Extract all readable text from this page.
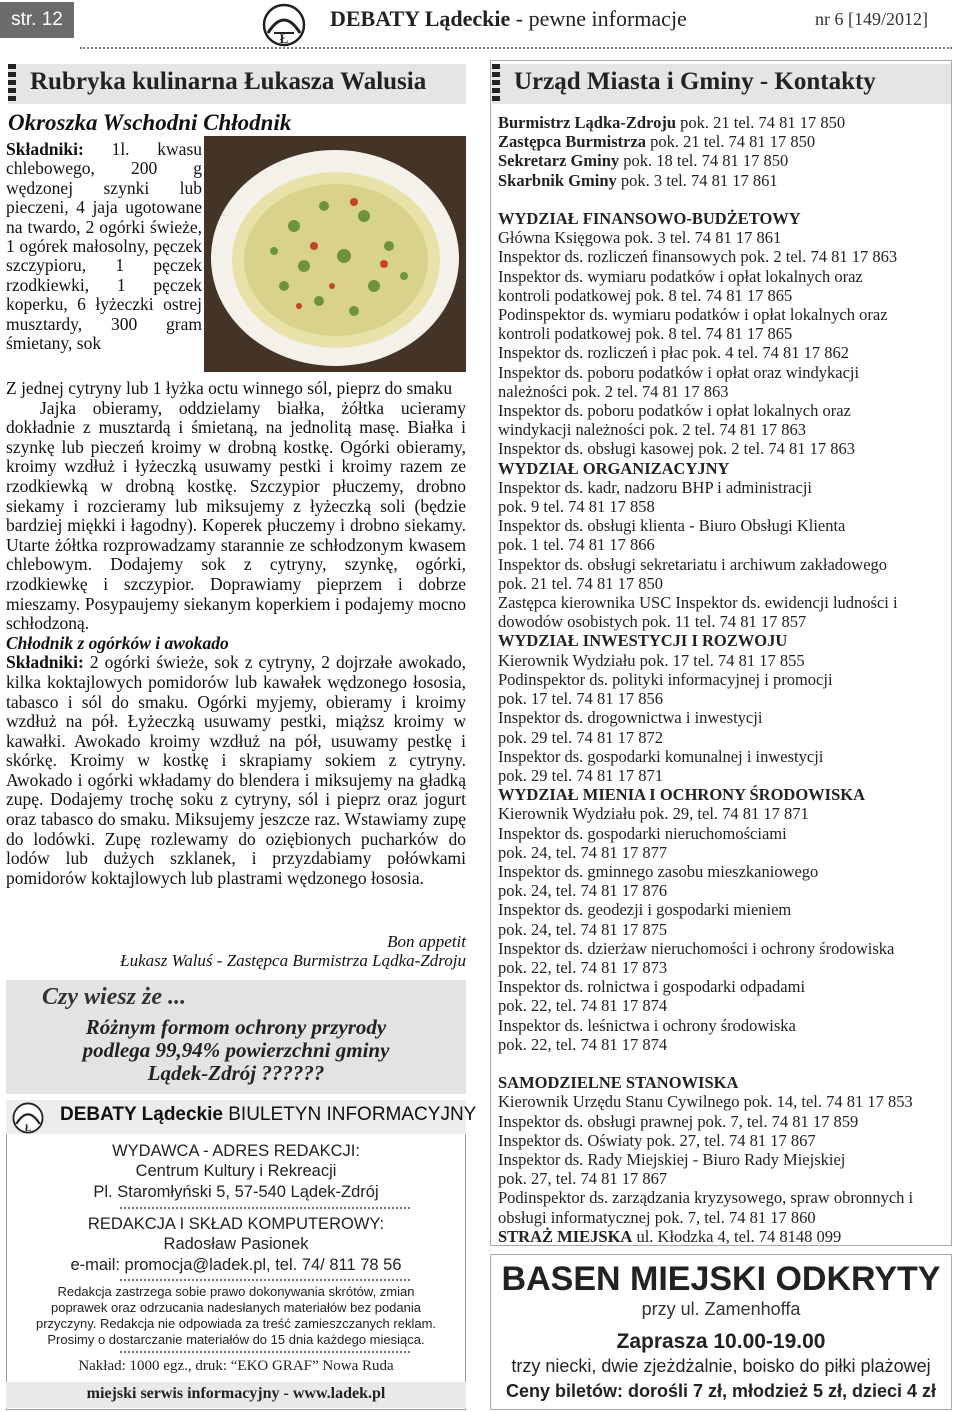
str. 12
Ł
DEBATY Lądeckie - pewne informacje	nr 6 [149/2012]
Rubryka kulinarna Łukasza Walusia
Okroszka Wschodni Chłodnik
Składniki: 1l. kwasu chlebowego, 200 g wędzonej szynki lub pieczeni, 4 jaja ugotowane na twardo, 2 ogórki świeże, 1 ogórek małosolny, pęczek szczypioru, 1 pęczek rzodkiewki, 1 pęczek koperku, 6 łyżeczki ostrej musztardy, 300 gram śmietany, sok

Z jednej cytryny lub 1 łyżka octu winnego sól, pieprz do smaku

Jajka obieramy, oddzielamy białka, żółtka ucieramy dokładnie z musztardą i śmietaną, na jednolitą masę. Białka i szynkę lub pieczeń kroimy w drobną kostkę. Ogórki obieramy, kroimy wzdłuż i łyżeczką usuwamy pestki i kroimy razem ze rzodkiewką w drobną kostkę. Szczypior płuczemy, drobno siekamy i rozcieramy lub miksujemy z łyżeczką soli (będzie bardziej miękki i łagodny). Koperek płuczemy i drobno siekamy. Utarte żółtka rozprowadzamy starannie ze schłodzonym kwasem chlebowym. Dodajemy sok z cytryny, szynkę, ogórki, rzodkiewkę i szczypior. Doprawiamy pieprzem i dobrze mieszamy. Posypaujemy siekanym koperkiem i podajemy mocno schłodzoną.

Chłodnik z ogórków i awokado

Składniki: 2 ogórki świeże, sok z cytryny, 2 dojrzałe awokado, kilka koktajlowych pomidorów lub kawałek wędzonego łososia, tabasco i sól do smaku. Ogórki myjemy, obieramy i kroimy wzdłuż na pół. Łyżeczką usuwamy pestki, miąższ kroimy w kawałki. Awokado kroimy wzdłuż na pół, usuwamy pestkę i skórkę. Kroimy w kostkę i skrapiamy sokiem z cytryny. Awokado i ogórki wkładamy do blendera i miksujemy na gładką zupę. Dodajemy trochę soku z cytryny, sól i pieprz oraz jogurt oraz tabasco do smaku. Miksujemy jeszcze raz. Wstawiamy zupę do lodówki. Zupę rozlewamy do oziębionych pucharków do lodów lub dużych szklanek, i przyzdabiamy połówkami pomidorów koktajlowych lub plastrami wędzonego łososia.

Bon appetit
Łukasz Waluś - Zastępca Burmistrza Lądka-Zdroju
Czy wiesz że ...
Różnym formom ochrony przyrody podlega 99,94% powierzchni gminy Lądek-Zdrój ??????
Ł
DEBATY Lądeckie BIULETYN INFORMACYJNY
WYDAWCA - ADRES REDAKCJI:
Centrum Kultury i Rekreacji
Pl. Staromłyński 5, 57-540 Lądek-Zdrój
REDAKCJA I SKŁAD KOMPUTEROWY:
Radosław Pasionek
e-mail: promocja@ladek.pl, tel. 74/ 811 78 56
Redakcja zastrzega sobie prawo dokonywania skrótów, zmian
poprawek oraz odrzucania nadesłanych materiałów bez podania
przyczyny. Redakcja nie odpowiada za treść zamieszczanych reklam.
Prosimy o dostarczanie materiałów do 15 dnia każdego miesiąca.
Nakład: 1000 egz., druk: “EKO GRAF” Nowa Ruda
miejski serwis informacyjny - www.ladek.pl
Urząd Miasta i Gminy - Kontakty
Burmistrz Lądka-Zdroju pok. 21 tel. 74 81 17 850
Zastępca Burmistrza pok. 21 tel. 74 81 17 850
Sekretarz Gminy pok. 18 tel. 74 81 17 850
Skarbnik Gminy pok. 3 tel. 74 81 17 861

WYDZIAŁ FINANSOWO-BUDŻETOWY
Główna Księgowa pok. 3 tel. 74 81 17 861
Inspektor ds. rozliczeń finansowych pok. 2 tel. 74 81 17 863
Inspektor ds. wymiaru podatków i opłat lokalnych oraz
kontroli podatkowej pok. 8 tel. 74 81 17 865
Podinspektor ds. wymiaru podatków i opłat lokalnych oraz
kontroli podatkowej pok. 8 tel. 74 81 17 865
Inspektor ds. rozliczeń i płac pok. 4 tel. 74 81 17 862
Inspektor ds. poboru podatków i opłat oraz windykacji
należności pok. 2 tel. 74 81 17 863
Inspektor ds. poboru podatków i opłat lokalnych oraz
windykacji należności pok. 2 tel. 74 81 17 863
Inspektor ds. obsługi kasowej pok. 2 tel. 74 81 17 863
WYDZIAŁ ORGANIZACYJNY
Inspektor ds. kadr, nadzoru BHP i administracji
pok. 9 tel. 74 81 17 858
Inspektor ds. obsługi klienta - Biuro Obsługi Klienta
pok. 1 tel. 74 81 17 866
Inspektor ds. obsługi sekretariatu i archiwum zakładowego
pok. 21 tel. 74 81 17 850
Zastępca kierownika USC Inspektor ds. ewidencji ludności i
dowodów osobistych pok. 11 tel. 74 81 17 857
WYDZIAŁ INWESTYCJI I ROZWOJU
Kierownik Wydziału pok. 17 tel. 74 81 17 855
Podinspektor ds. polityki informacyjnej i promocji
pok. 17 tel. 74 81 17 856
Inspektor ds. drogownictwa i inwestycji
pok. 29 tel. 74 81 17 872
Inspektor ds. gospodarki komunalnej i inwestycji
pok. 29 tel. 74 81 17 871
WYDZIAŁ MIENIA I OCHRONY ŚRODOWISKA
Kierownik Wydziału pok. 29, tel. 74 81 17 871
Inspektor ds. gospodarki nieruchomościami
pok. 24, tel. 74 81 17 877
Inspektor ds. gminnego zasobu mieszkaniowego
pok. 24, tel. 74 81 17 876
Inspektor ds. geodezji i gospodarki mieniem
pok. 24, tel. 74 81 17 875
Inspektor ds. dzierżaw nieruchomości i ochrony środowiska
pok. 22, tel. 74 81 17 873
Inspektor ds. rolnictwa i gospodarki odpadami
pok. 22, tel. 74 81 17 874
Inspektor ds. leśnictwa i ochrony środowiska
pok. 22, tel. 74 81 17 874

SAMODZIELNE STANOWISKA
Kierownik Urzędu Stanu Cywilnego pok. 14, tel. 74 81 17 853
Inspektor ds. obsługi prawnej pok. 7, tel. 74 81 17 859
Inspektor ds. Oświaty pok. 27, tel. 74 81 17 867
Inspektor ds. Rady Miejskiej - Biuro Rady Miejskiej
pok. 27, tel. 74 81 17 867
Podinspektor ds. zarządzania kryzysowego, spraw obronnych i
obsługi informatycznej pok. 7, tel. 74 81 17 860
STRAŻ MIEJSKA ul. Kłodzka 4, tel. 74 8148 099
BASEN MIEJSKI ODKRYTY
przy ul. Zamenhoffa
Zaprasza 10.00-19.00
trzy niecki, dwie zjeżdżalnie, boisko do piłki plażowej
Ceny biletów: dorośli 7 zł, młodzież 5 zł, dzieci 4 zł
